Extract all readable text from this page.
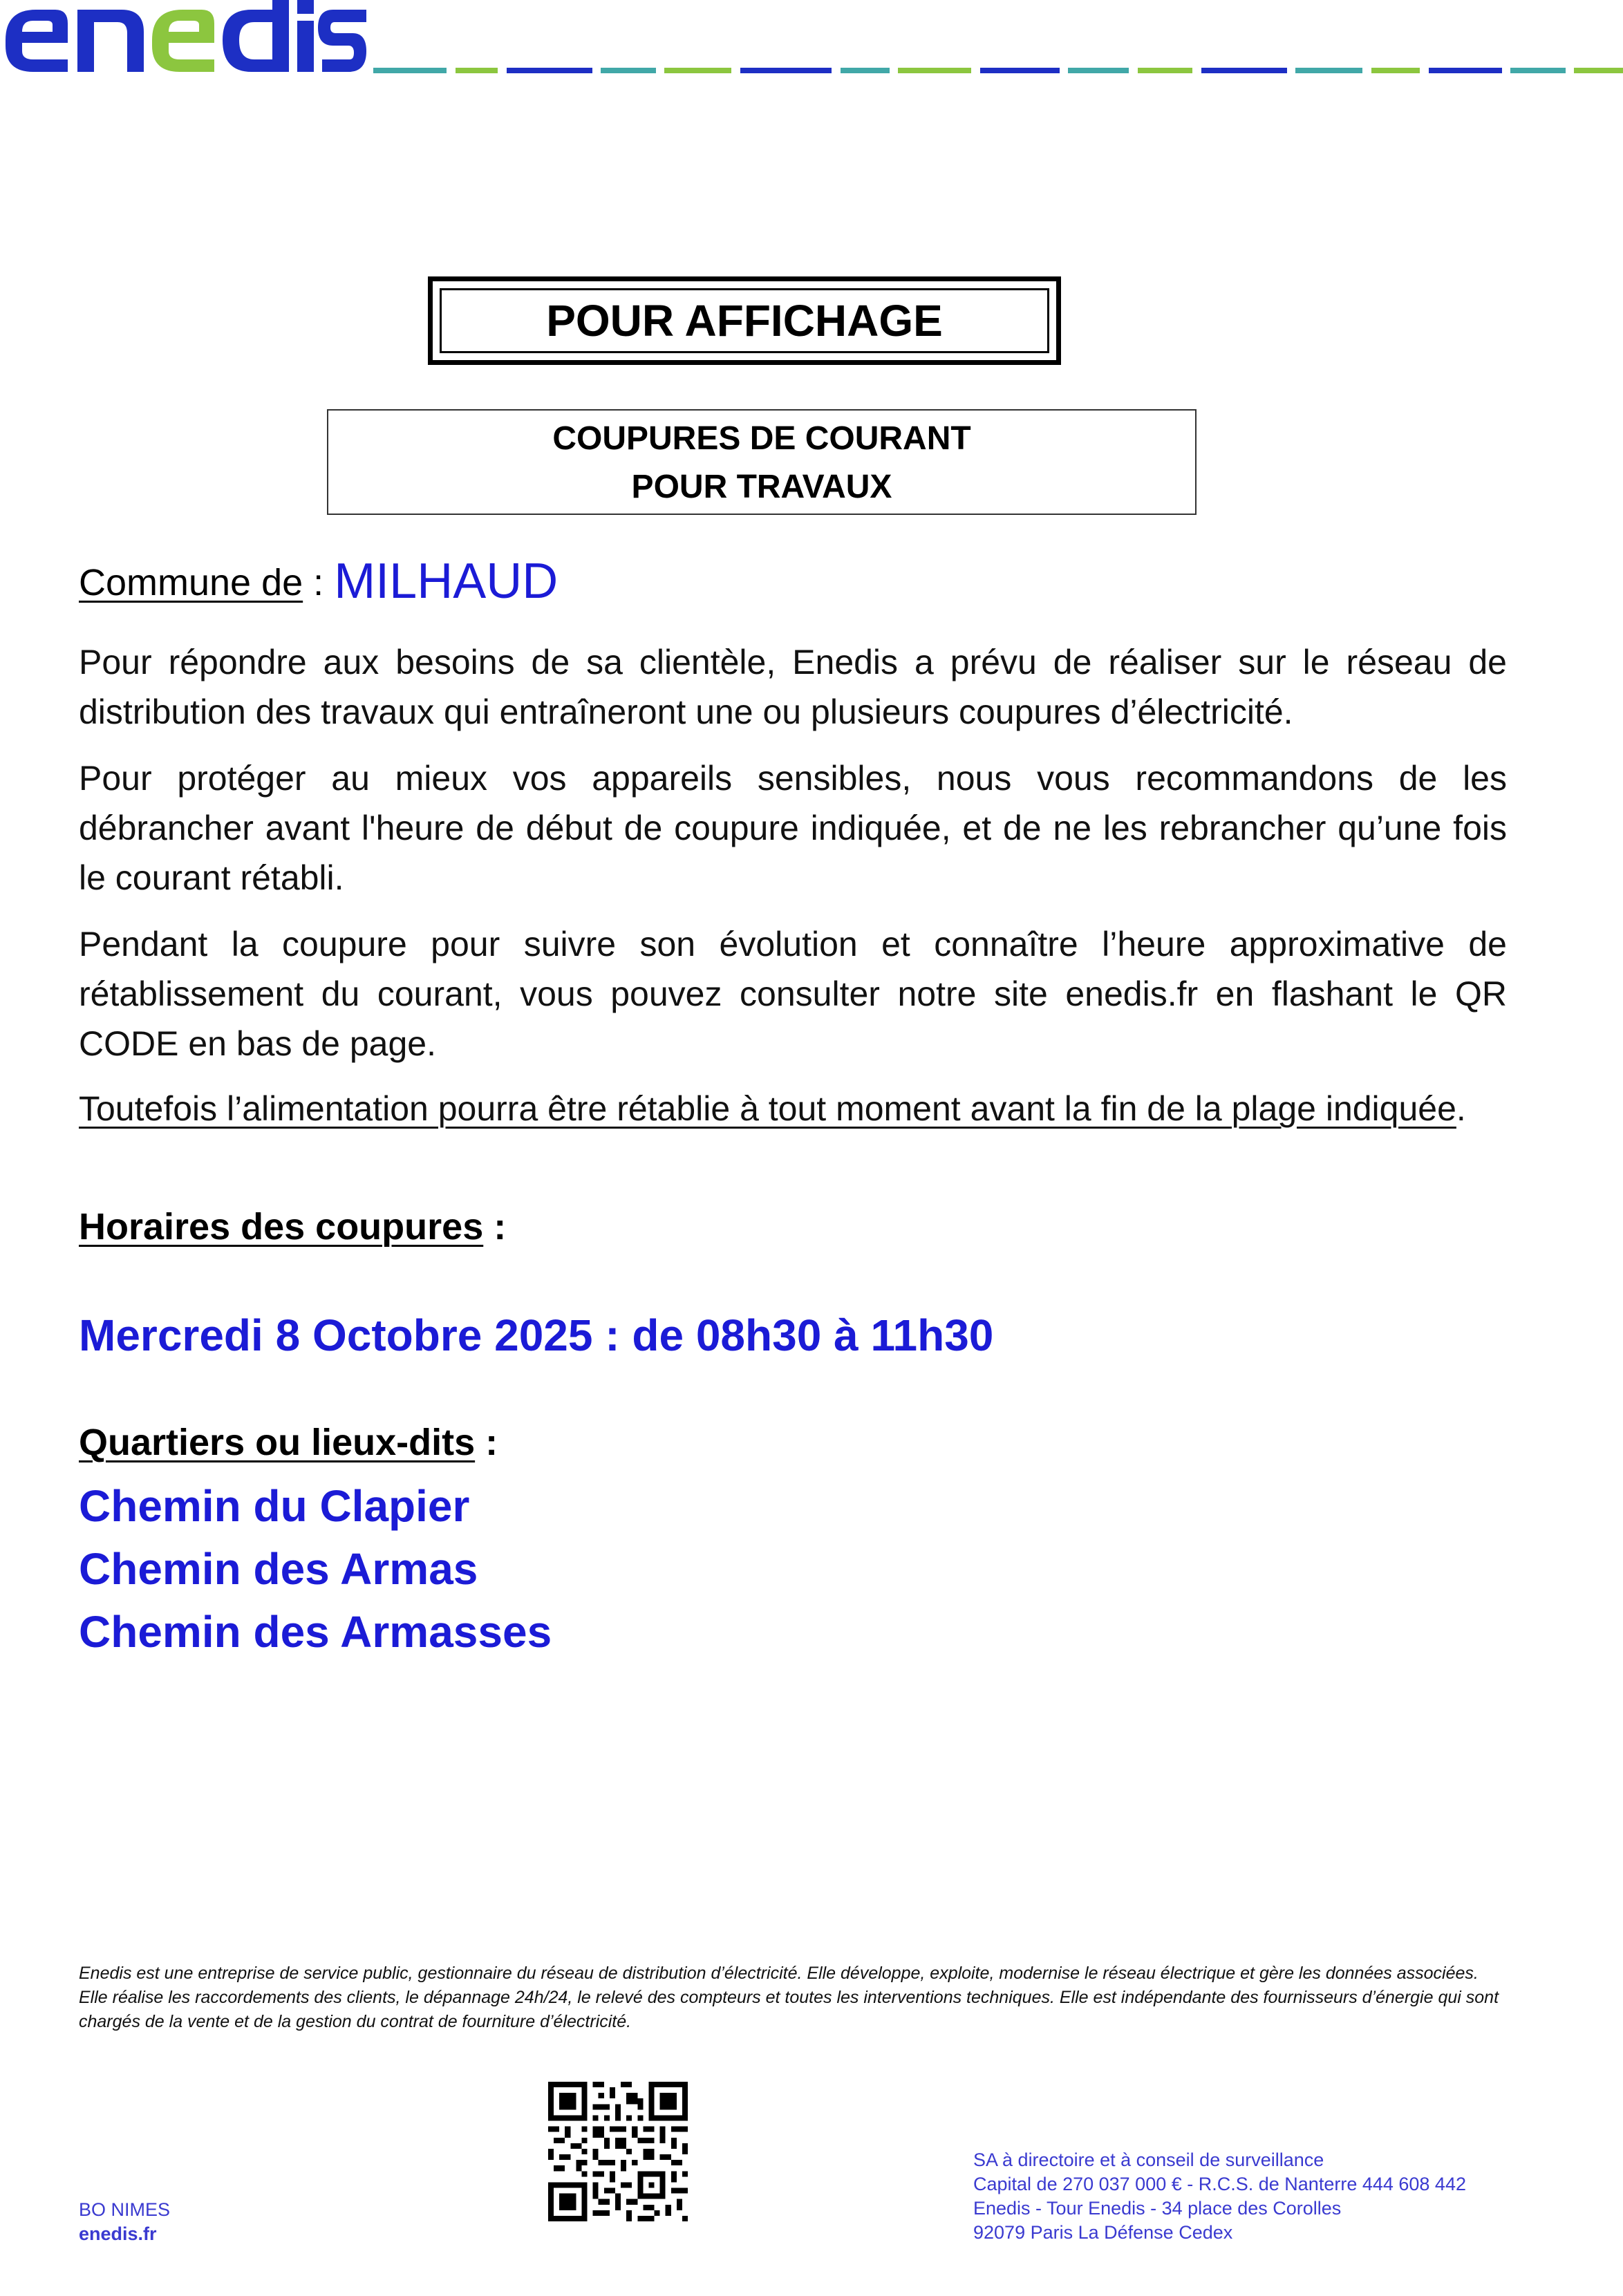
POUR AFFICHAGE
COUPURES DE COURANT
POUR TRAVAUX
Commune de : MILHAUD
Pour répondre aux besoins de sa clientèle, Enedis a prévu de réaliser sur le réseau de distribution des travaux qui entraîneront une ou plusieurs coupures d’électricité.
Pour protéger au mieux vos appareils sensibles, nous vous recommandons de les débrancher avant l'heure de début de coupure indiquée, et de ne les rebrancher qu’une fois le courant rétabli.
Pendant la coupure pour suivre son évolution et connaître l’heure approximative de rétablissement du courant, vous pouvez consulter notre site enedis.fr en flashant le QR CODE en bas de page.
Toutefois l’alimentation pourra être rétablie à tout moment avant la fin de la plage indiquée.
Horaires des coupures :
Mercredi 8 Octobre 2025 : de 08h30 à 11h30
Quartiers ou lieux-dits :
Chemin du Clapier
Chemin des Armas
Chemin des Armasses
Enedis est une entreprise de service public, gestionnaire du réseau de distribution d’électricité. Elle développe, exploite, modernise le réseau électrique et gère les données associées. Elle réalise les raccordements des clients, le dépannage 24h/24, le relevé des compteurs et toutes les interventions techniques. Elle est indépendante des fournisseurs d’énergie qui sont chargés de la vente et de la gestion du contrat de fourniture d’électricité.
BO NIMES
enedis.fr
SA à directoire et à conseil de surveillance
Capital de 270 037 000 € - R.C.S. de Nanterre 444 608 442
Enedis - Tour Enedis - 34 place des Corolles
92079 Paris La Défense Cedex
